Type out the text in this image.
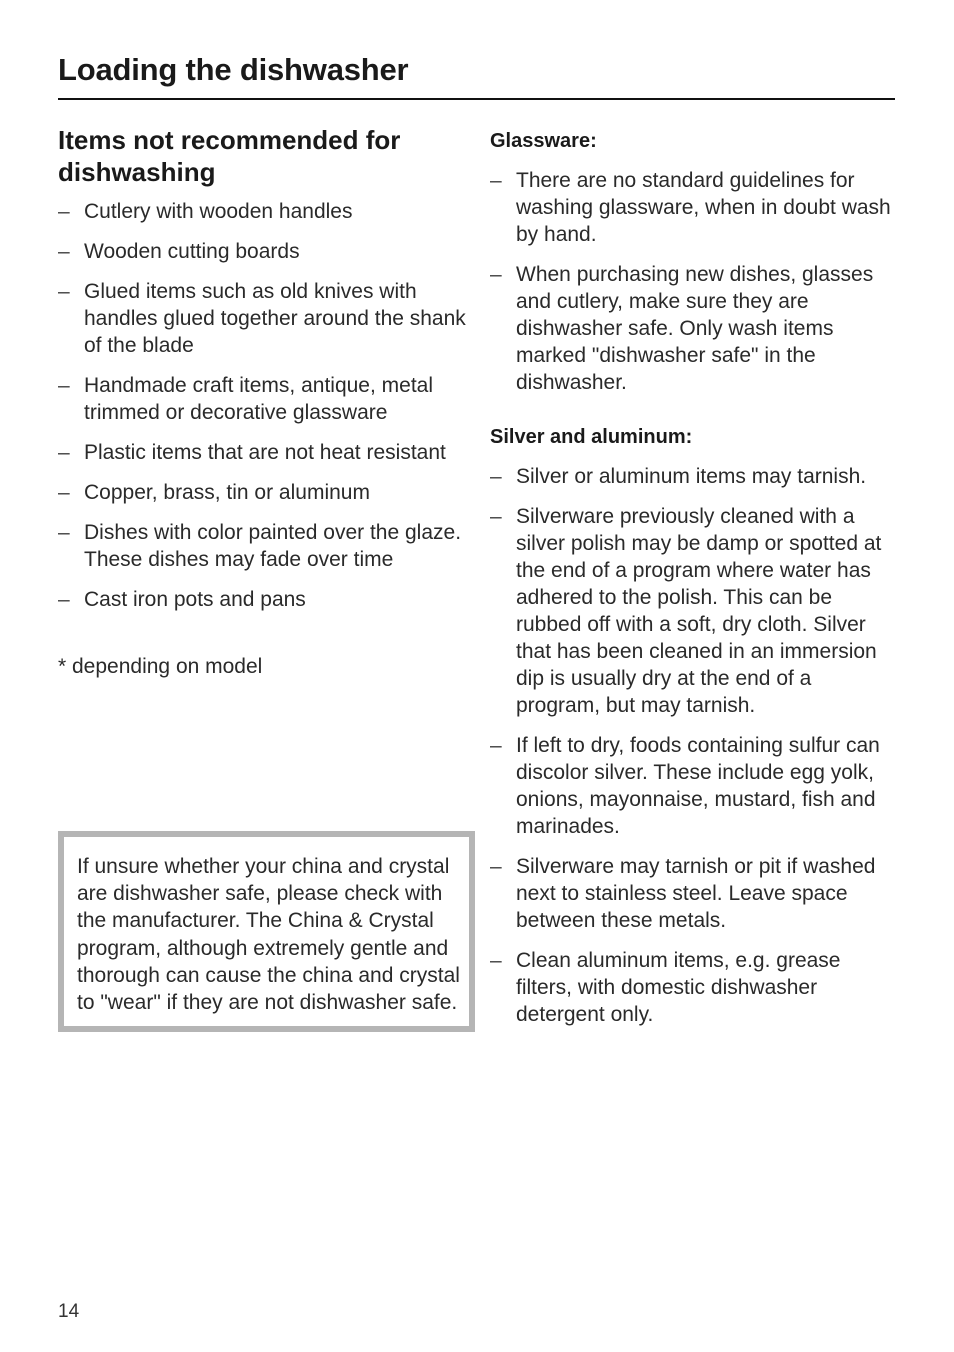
Loading the dishwasher
Items not recommended for dishwashing
– Cutlery with wooden handles
– Wooden cutting boards
– Glued items such as old knives with handles glued together around the shank of the blade
– Handmade craft items, antique, metal trimmed or decorative glassware
– Plastic items that are not heat resistant
– Copper, brass, tin or aluminum
– Dishes with color painted over the glaze. These dishes may fade over time
– Cast iron pots and pans

* depending on model

If unsure whether your china and crystal are dishwasher safe, please check with the manufacturer. The China & Crystal program, although extremely gentle and thorough can cause the china and crystal to "wear" if they are not dishwasher safe.
Glassware:
– There are no standard guidelines for washing glassware, when in doubt wash by hand.
– When purchasing new dishes, glasses and cutlery, make sure they are dishwasher safe. Only wash items marked "dishwasher safe" in the dishwasher.
Silver and aluminum:
– Silver or aluminum items may tarnish.
– Silverware previously cleaned with a silver polish may be damp or spotted at the end of a program where water has adhered to the polish. This can be rubbed off with a soft, dry cloth. Silver that has been cleaned in an immersion dip is usually dry at the end of a program, but may tarnish.
– If left to dry, foods containing sulfur can discolor silver. These include egg yolk, onions, mayonnaise, mustard, fish and marinades.
– Silverware may tarnish or pit if washed next to stainless steel. Leave space between these metals.
– Clean aluminum items, e.g. grease filters, with domestic dishwasher detergent only.
14
